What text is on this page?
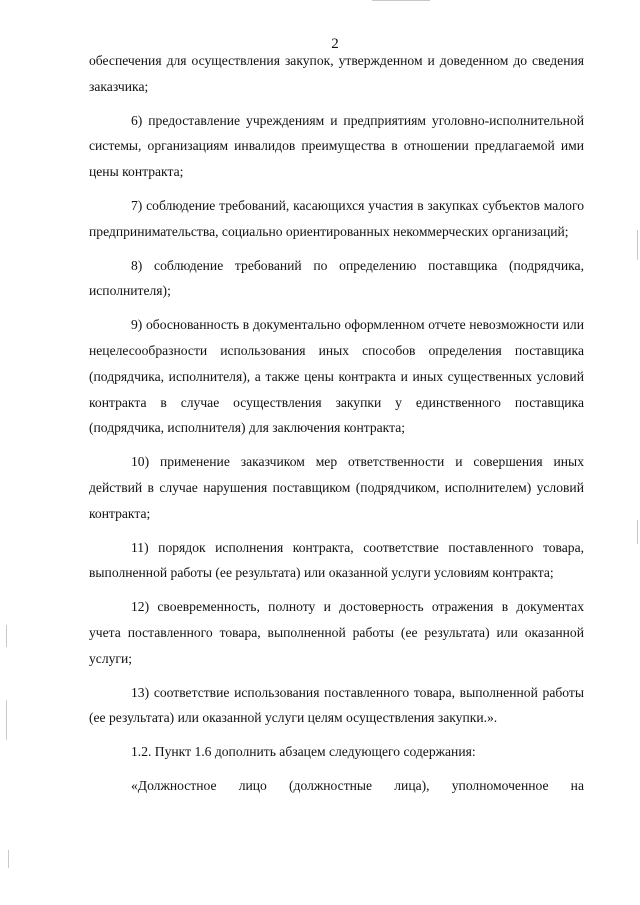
2

обеспечения для осуществления закупок, утвержденном и доведенном до сведения заказчика;

6) предоставление учреждениям и предприятиям уголовно-исполнительной системы, организациям инвалидов преимущества в отношении предлагаемой ими цены контракта;

7) соблюдение требований, касающихся участия в закупках субъектов малого предпринимательства, социально ориентированных некоммерческих организаций;

8) соблюдение требований по определению поставщика (подрядчика, исполнителя);

9) обоснованность в документально оформленном отчете невозможности или нецелесообразности использования иных способов определения поставщика (подрядчика, исполнителя), а также цены контракта и иных существенных условий контракта в случае осуществления закупки у единственного поставщика (подрядчика, исполнителя) для заключения контракта;

10) применение заказчиком мер ответственности и совершения иных действий в случае нарушения поставщиком (подрядчиком, исполнителем) условий контракта;

11) порядок исполнения контракта, соответствие поставленного товара, выполненной работы (ее результата) или оказанной услуги условиям контракта;

12) своевременность, полноту и достоверность отражения в документах учета поставленного товара, выполненной работы (ее результата) или оказанной услуги;

13) соответствие использования поставленного товара, выполненной работы (ее результата) или оказанной услуги целям осуществления закупки.».

1.2. Пункт 1.6 дополнить абзацем следующего содержания:

«Должностное лицо (должностные лица), уполномоченное на
